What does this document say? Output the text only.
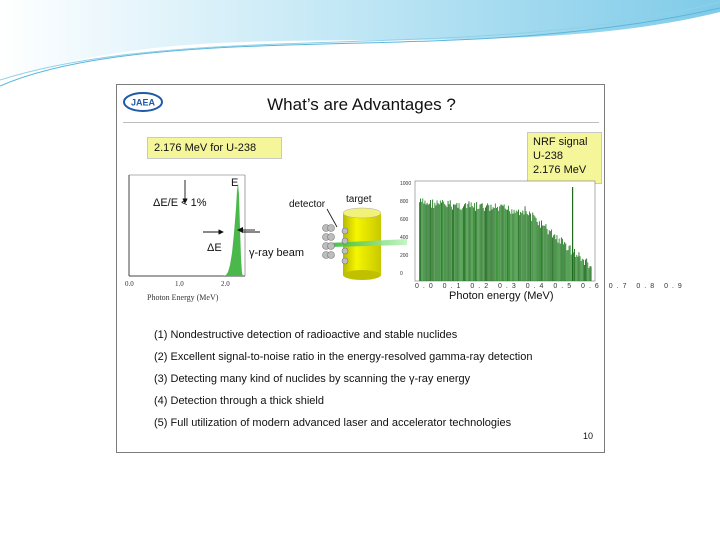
JAEA	What’s are Advantages ?
2.176 MeV for U-238
E
ΔE/E < 1%
ΔE
0.0	1.0	2.0
Photon Energy (MeV)
γ-ray beam
detector target
NRF signal
U-238
2.176 MeV
1000
800
600
400
200
0
0.0 0.1 0.2 0.3 0.4 0.5 0.6 0.7 0.8 0.9
Photon energy (MeV)
(1) Nondestructive detection of radioactive and stable nuclides
(2) Excellent signal-to-noise ratio in the energy-resolved gamma-ray detection
(3) Detecting many kind of nuclides by scanning the γ-ray energy
(4) Detection through a thick shield
(5) Full utilization of modern advanced laser and accelerator technologies
10
